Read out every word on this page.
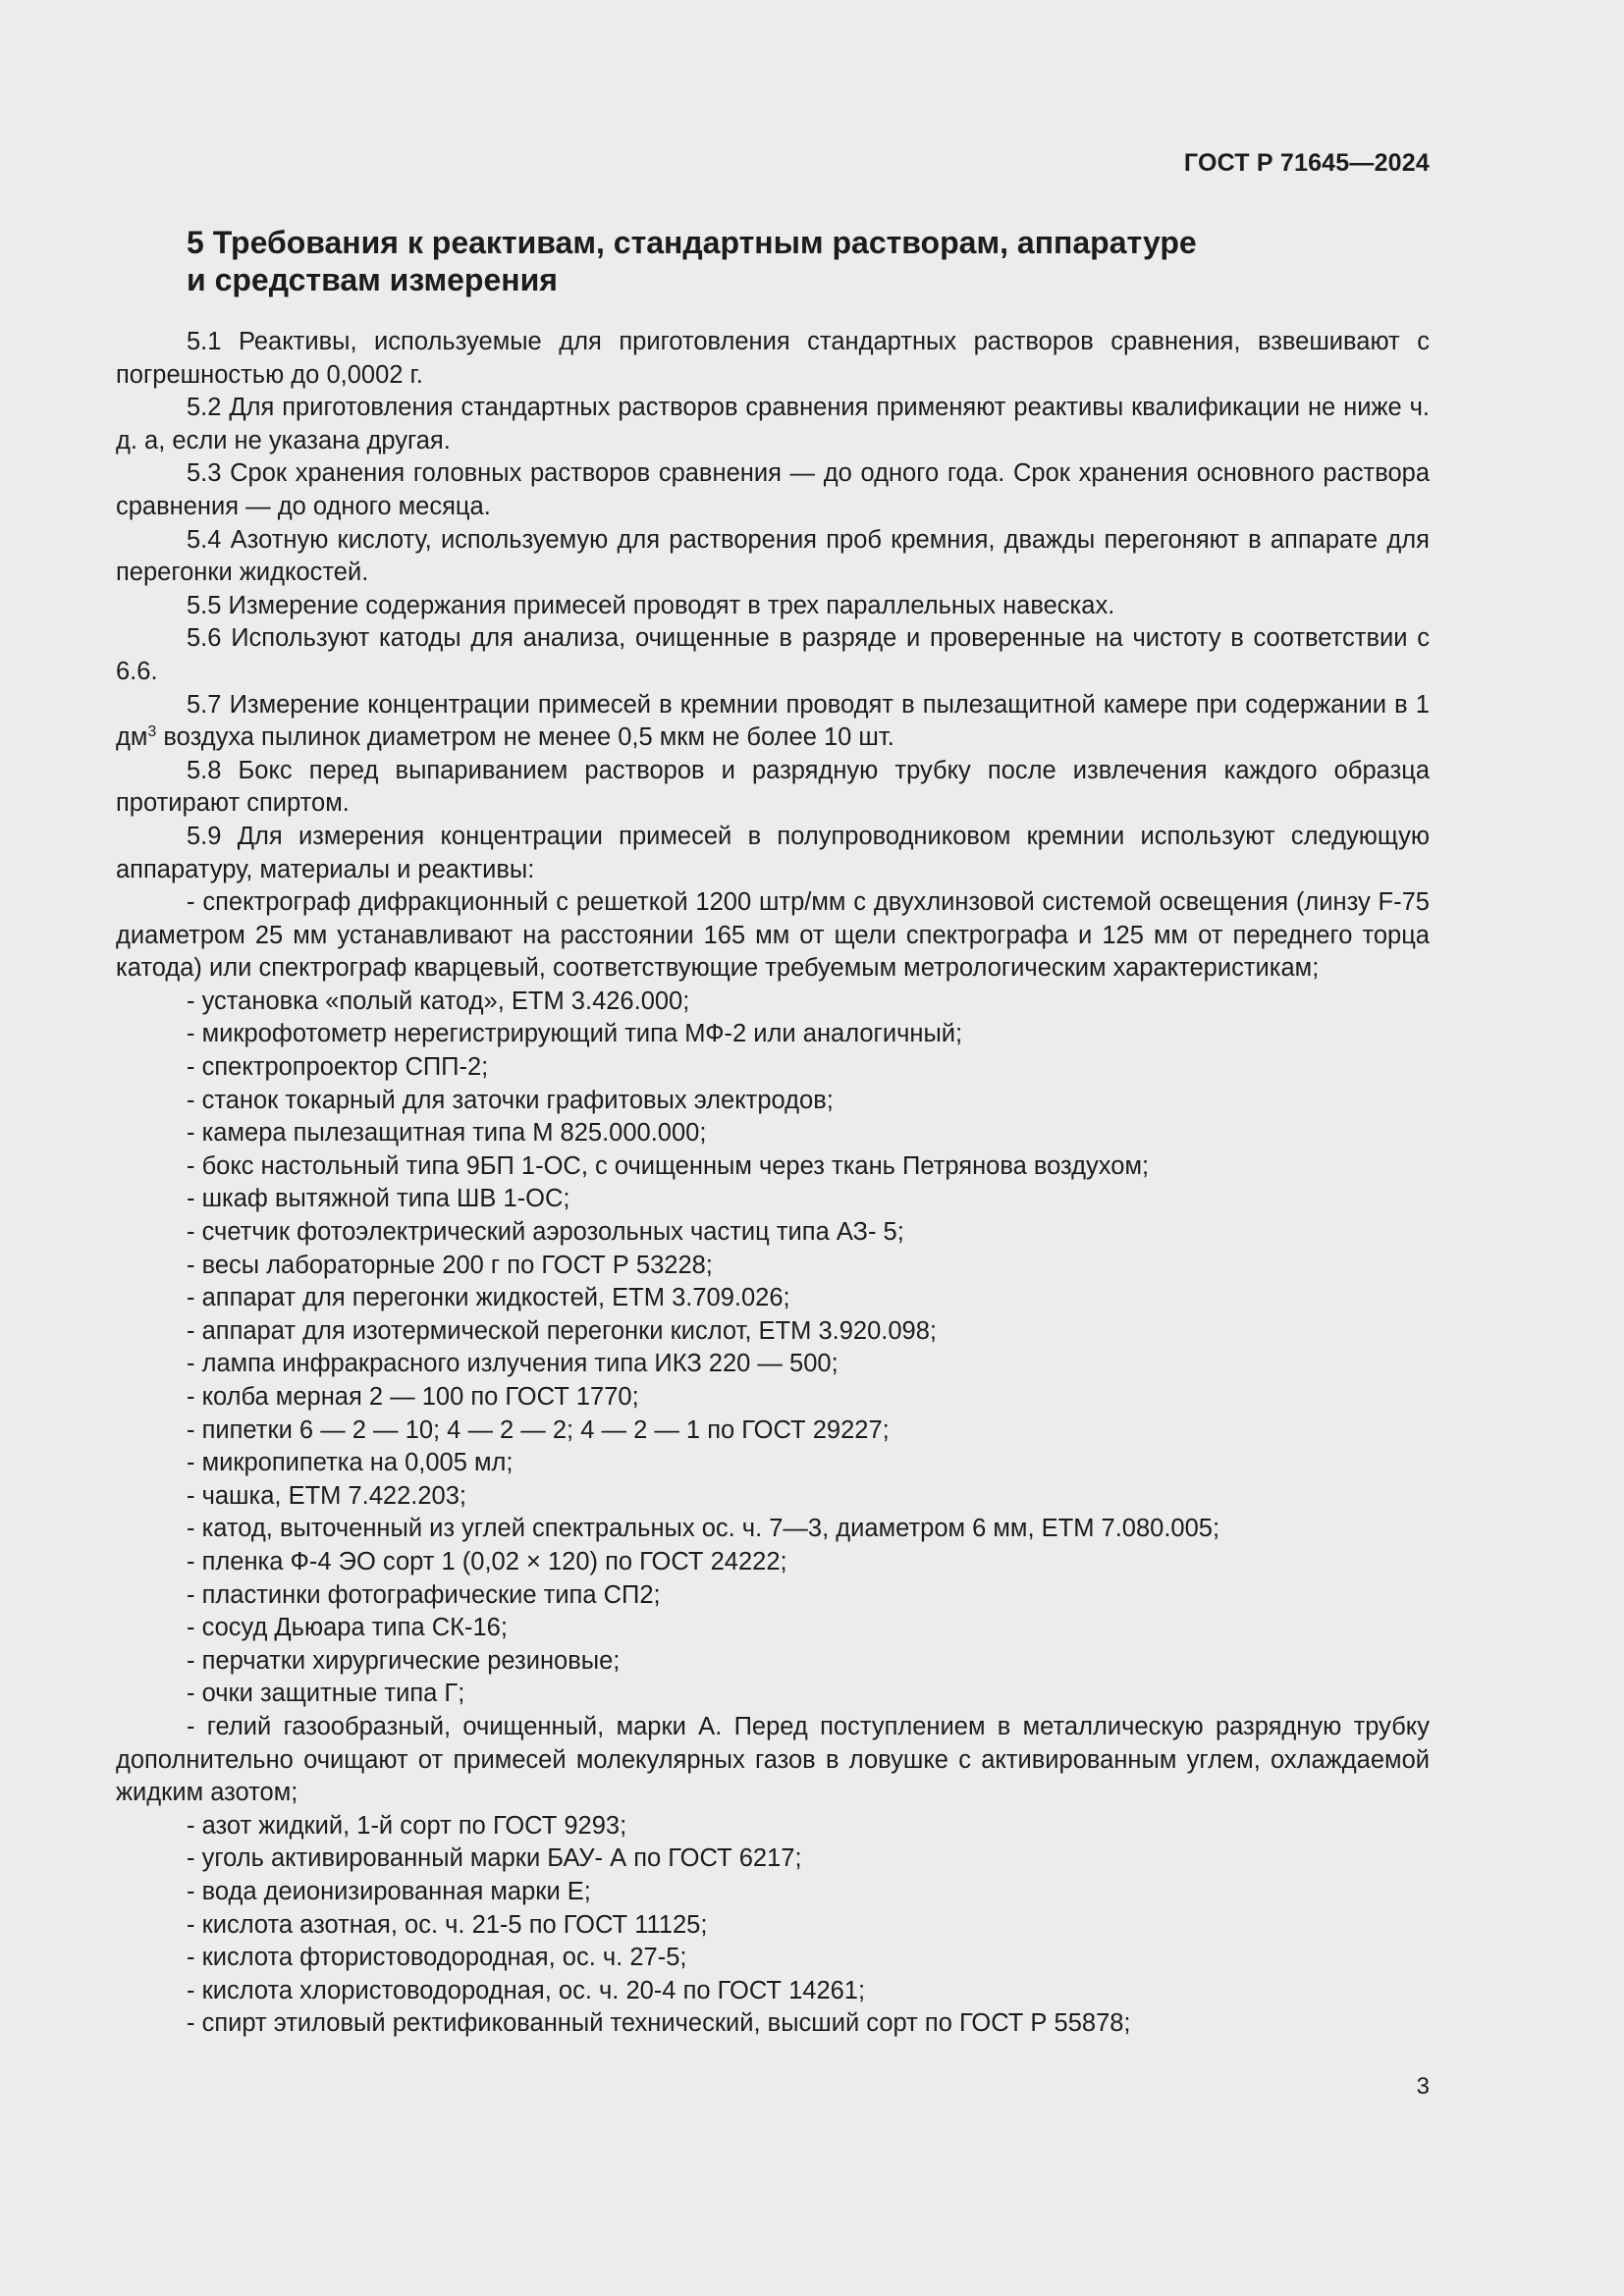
ГОСТ Р 71645—2024
5 Требования к реактивам, стандартным растворам, аппаратуре
и средствам измерения

5.1 Реактивы, используемые для приготовления стандартных растворов сравнения, взвешивают с погрешностью до 0,0002 г.

5.2 Для приготовления стандартных растворов сравнения применяют реактивы квалификации не ниже ч. д. а, если не указана другая.

5.3 Срок хранения головных растворов сравнения — до одного года. Срок хранения основного раствора сравнения — до одного месяца.

5.4 Азотную кислоту, используемую для растворения проб кремния, дважды перегоняют в аппарате для перегонки жидкостей.

5.5 Измерение содержания примесей проводят в трех параллельных навесках.

5.6 Используют катоды для анализа, очищенные в разряде и проверенные на чистоту в соответствии с 6.6.

5.7 Измерение концентрации примесей в кремнии проводят в пылезащитной камере при содержании в 1 $дм^3$ воздуха пылинок диаметром не менее 0,5 мкм не более 10 шт.

5.8 Бокс перед выпариванием растворов и разрядную трубку после извлечения каждого образца протирают спиртом.

5.9 Для измерения концентрации примесей в полупроводниковом кремнии используют следующую аппаратуру, материалы и реактивы:

- спектрограф дифракционный с решеткой 1200 штр/мм с двухлинзовой системой освещения (линзу F-75 диаметром 25 мм устанавливают на расстоянии 165 мм от щели спектрографа и 125 мм от переднего торца катода) или спектрограф кварцевый, соответствующие требуемым метрологическим характеристикам;

- установка «полый катод», ЕТМ 3.426.000;

- микрофотометр нерегистрирующий типа МФ-2 или аналогичный;

- спектропроектор СПП-2;

- станок токарный для заточки графитовых электродов;

- камера пылезащитная типа М 825.000.000;

- бокс настольный типа 9БП 1-ОС, с очищенным через ткань Петрянова воздухом;

- шкаф вытяжной типа ШВ 1-ОС;

- счетчик фотоэлектрический аэрозольных частиц типа АЗ- 5;

- весы лабораторные 200 г по ГОСТ Р 53228;

- аппарат для перегонки жидкостей, ЕТМ 3.709.026;

- аппарат для изотермической перегонки кислот, ЕТМ 3.920.098;

- лампа инфракрасного излучения типа ИКЗ 220 — 500;

- колба мерная 2 — 100 по ГОСТ 1770;

- пипетки 6 — 2 — 10; 4 — 2 — 2; 4 — 2 — 1 по ГОСТ 29227;

- микропипетка на 0,005 мл;

- чашка, ЕТМ 7.422.203;

- катод, выточенный из углей спектральных ос. ч. 7—3, диаметром 6 мм, ЕТМ 7.080.005;

- пленка Ф-4 ЭО сорт 1 (0,02 × 120) по ГОСТ 24222;

- пластинки фотографические типа СП2;

- сосуд Дьюара типа СК-16;

- перчатки хирургические резиновые;

- очки защитные типа Г;

- гелий газообразный, очищенный, марки А. Перед поступлением в металлическую разрядную трубку дополнительно очищают от примесей молекулярных газов в ловушке с активированным углем, охлаждаемой жидким азотом;

- азот жидкий, 1-й сорт по ГОСТ 9293;

- уголь активированный марки БАУ- А по ГОСТ 6217;

- вода деионизированная марки Е;

- кислота азотная, ос. ч. 21-5 по ГОСТ 11125;

- кислота фтористоводородная, ос. ч. 27-5;

- кислота хлористоводородная, ос. ч. 20-4 по ГОСТ 14261;

- спирт этиловый ректификованный технический, высший сорт по ГОСТ Р 55878;

3
